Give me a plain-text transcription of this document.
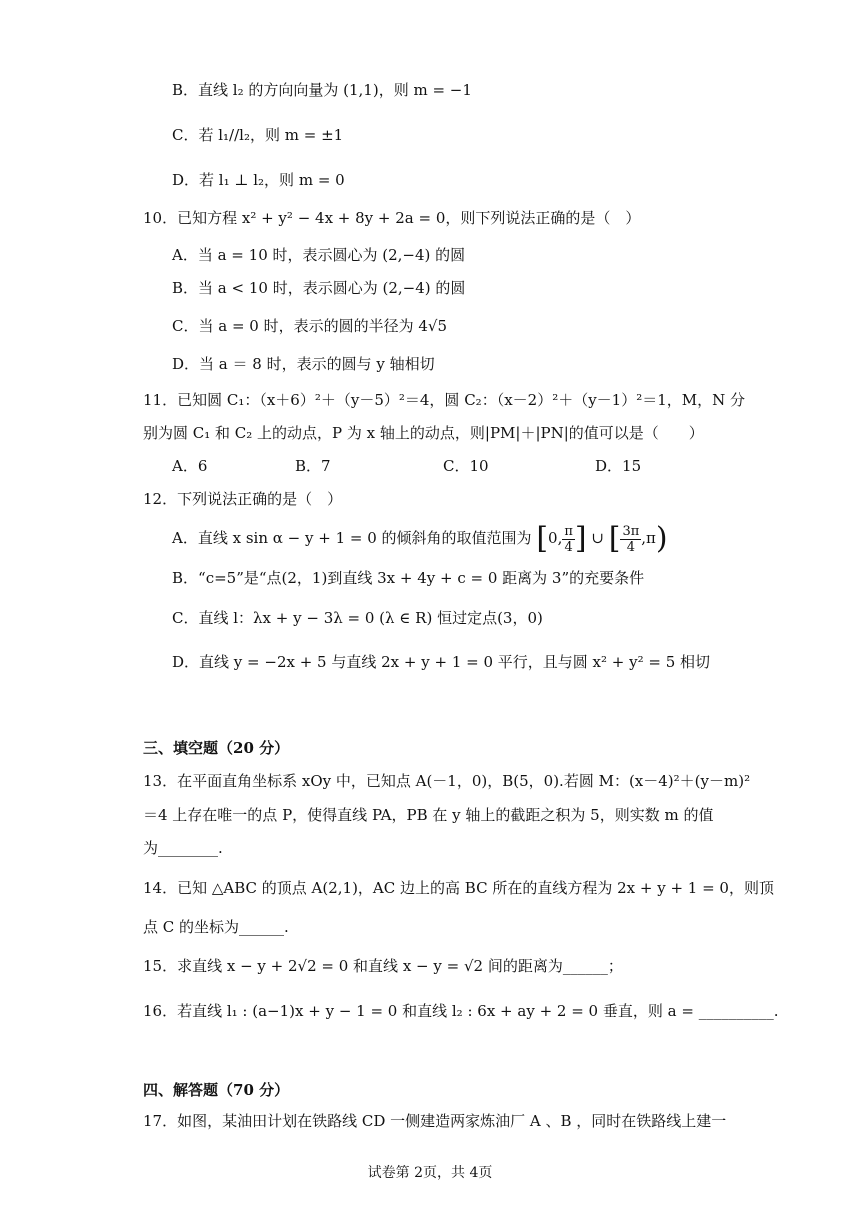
B．直线 l₂ 的方向向量为 (1,1)，则 m = −1
C．若 l₁//l₂，则 m = ±1
D．若 l₁ ⊥ l₂，则 m = 0
10．已知方程 x² + y² − 4x + 8y + 2a = 0，则下列说法正确的是（　）
A．当 a = 10 时，表示圆心为 (2,−4) 的圆
B．当 a < 10 时，表示圆心为 (2,−4) 的圆
C．当 a = 0 时，表示的圆的半径为 4√5
D．当 a ＝ 8 时，表示的圆与 y 轴相切
11．已知圆 C₁：（x＋6）²＋（y－5）²＝4，圆 C₂：（x－2）²＋（y－1）²＝1，M，N 分
别为圆 C₁ 和 C₂ 上的动点，P 为 x 轴上的动点，则|PM|＋|PN|的值可以是（　　）
A．6	B．7	C．10	D．15
12．下列说法正确的是（　）
A．直线 x sin α − y + 1 = 0 的倾斜角的取值范围为 [0, $\frac{\pi}{4}$ ] ∪ [ $\frac{3\pi}{4} ,\pi$)
B．“c=5”是“点(2，1)到直线 3x + 4y + c = 0 距离为 3”的充要条件
C．直线 l：λx + y − 3λ = 0 (λ ∈ R) 恒过定点(3，0)
D．直线 y = −2x + 5 与直线 2x + y + 1 = 0 平行，且与圆 x² + y² = 5 相切
三、填空题（20 分）
13．在平面直角坐标系 xOy 中，已知点 A(－1，0)，B(5，0).若圆 M：(x－4)²＋(y－m)²
＝4 上存在唯一的点 P，使得直线 PA，PB 在 y 轴上的截距之积为 5，则实数 m 的值
为________.
14．已知 △ABC 的顶点 A(2,1)，AC 边上的高 BC 所在的直线方程为 2x + y + 1 = 0，则顶
点 C 的坐标为______.
15．求直线 x − y + 2√2 = 0 和直线 x − y = √2 间的距离为______；
16．若直线 l₁ : (a−1)x + y − 1 = 0 和直线 l₂ : 6x + ay + 2 = 0 垂直，则 a = __________.
四、解答题（70 分）
17．如图，某油田计划在铁路线 CD 一侧建造两家炼油厂 A 、B ，同时在铁路线上建一
试卷第 2页，共 4页
